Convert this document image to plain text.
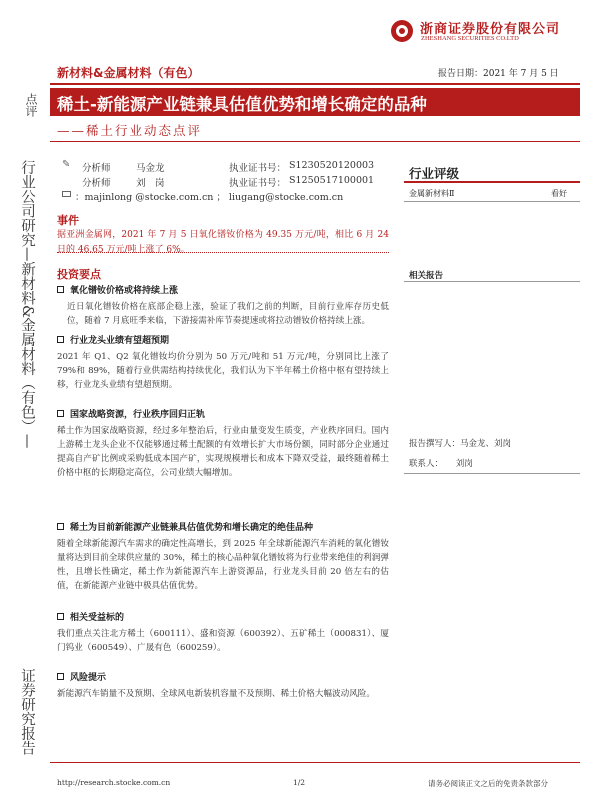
浙商证券股份有限公司
ZHESHANG SECURITIES CO.LTD
新材料&金属材料（有色）	报告日期：2021 年 7 月 5 日
点评 稀土-新能源产业链兼具估值优势和增长确定的品种
——稀土行业动态点评
行业公司研究—新材料&金属材料（有色）—
证券研究报告
✎ 分析师	马金龙	执业证书号： S1230520120003
分析师	刘　岗	执业证书号： S1250517100001
：majinlong @stocke.com.cn ； liugang@stocke.com.cn
行业评级
金属新材料Ⅱ	看好
相关报告
报告撰写人：马金龙、刘岗
联系人：　　刘岗
事件
据亚洲金属网，2021 年 7 月 5 日氧化镨钕价格为 49.35 万元/吨，相比 6 月 24 日的 46.65 万元/吨上涨了 6%。
投资要点
氧化镨钕价格或将持续上涨
近日氧化镨钕价格在底部企稳上涨，验证了我们之前的判断，目前行业库存历史低位，随着 7 月底旺季来临，下游接需补库节奏提速或将拉动镨钕价格持续上涨。
行业龙头业绩有望超预期
2021 年 Q1、Q2 氧化镨钕均价分别为 50 万元/吨和 51 万元/吨，分别同比上涨了 79%和 89%，随着行业供需结构持续优化，我们认为下半年稀土价格中枢有望持续上移，行业龙头业绩有望超预期。
国家战略资源，行业秩序回归正轨
稀土作为国家战略资源，经过多年整治后，行业由量变发生质变，产业秩序回归。国内上游稀土龙头企业不仅能够通过稀土配额的有效增长扩大市场份额，同时部分企业通过提高自产矿比例或采购低成本国产矿，实现规模增长和成本下降双受益，最终随着稀土价格中枢的长期稳定高位，公司业绩大幅增加。
稀土为目前新能源产业链兼具估值优势和增长确定的绝佳品种
随着全球新能源汽车需求的确定性高增长，到 2025 年全球新能源汽车消耗的氧化镨钕量将达到目前全球供应量的 30%，稀土的核心品种氧化镨钕将为行业带来绝佳的利润弹性，且增长性确定，稀土作为新能源汽车上游资源品，行业龙头目前 20 倍左右的估值，在新能源产业链中极具估值优势。
相关受益标的
我们重点关注北方稀土（600111）、盛和资源（600392）、五矿稀土（000831）、厦门钨业（600549）、广晟有色（600259）。
风险提示
新能源汽车销量不及预期、全球风电新装机容量不及预期、稀土价格大幅波动风险。
http://research.stocke.com.cn	1/2	请务必阅读正文之后的免责条款部分
